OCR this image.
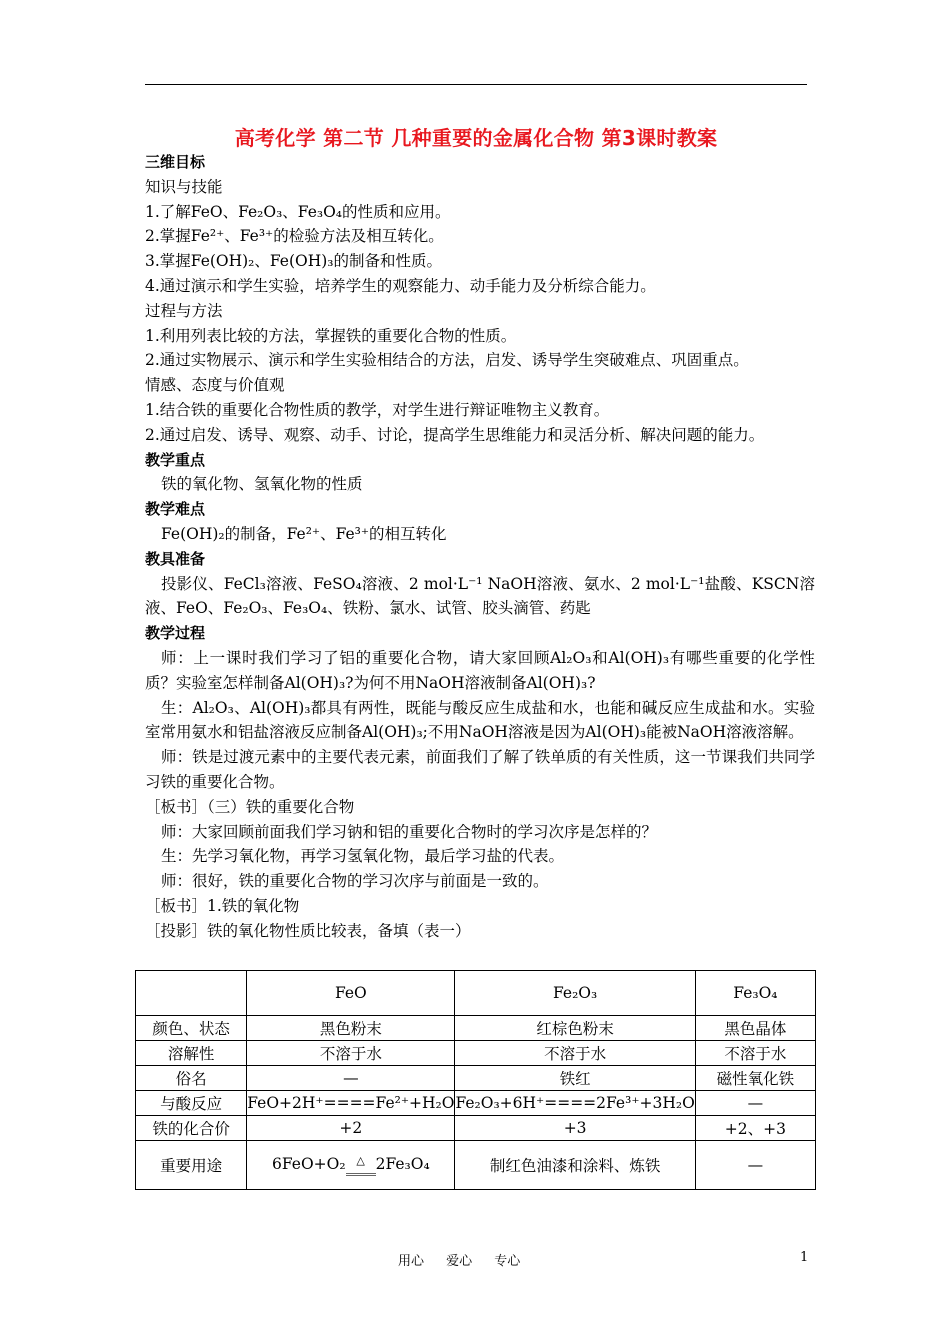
高考化学 第二节 几种重要的金属化合物 第3课时教案

三维目标

知识与技能

1.了解FeO、Fe₂O₃、Fe₃O₄的性质和应用。

2.掌握Fe²⁺、Fe³⁺的检验方法及相互转化。

3.掌握Fe(OH)₂、Fe(OH)₃的制备和性质。

4.通过演示和学生实验，培养学生的观察能力、动手能力及分析综合能力。

过程与方法

1.利用列表比较的方法，掌握铁的重要化合物的性质。

2.通过实物展示、演示和学生实验相结合的方法，启发、诱导学生突破难点、巩固重点。

情感、态度与价值观

1.结合铁的重要化合物性质的教学，对学生进行辩证唯物主义教育。

2.通过启发、诱导、观察、动手、讨论，提高学生思维能力和灵活分析、解决问题的能力。

教学重点

铁的氧化物、氢氧化物的性质

教学难点

Fe(OH)₂的制备，Fe²⁺、Fe³⁺的相互转化

教具准备

投影仪、FeCl₃溶液、FeSO₄溶液、2 mol·L⁻¹ NaOH溶液、氨水、2 mol·L⁻¹盐酸、KSCN溶液、FeO、Fe₂O₃、Fe₃O₄、铁粉、氯水、试管、胶头滴管、药匙

教学过程

师：上一课时我们学习了铝的重要化合物，请大家回顾Al₂O₃和Al(OH)₃有哪些重要的化学性质？实验室怎样制备Al(OH)₃?为何不用NaOH溶液制备Al(OH)₃?

生：Al₂O₃、Al(OH)₃都具有两性，既能与酸反应生成盐和水，也能和碱反应生成盐和水。实验室常用氨水和铝盐溶液反应制备Al(OH)₃;不用NaOH溶液是因为Al(OH)₃能被NaOH溶液溶解。

师：铁是过渡元素中的主要代表元素，前面我们了解了铁单质的有关性质，这一节课我们共同学习铁的重要化合物。

［板书］（三）铁的重要化合物

师：大家回顾前面我们学习钠和铝的重要化合物时的学习次序是怎样的？

生：先学习氧化物，再学习氢氧化物，最后学习盐的代表。

师：很好，铁的重要化合物的学习次序与前面是一致的。

［板书］1.铁的氧化物

［投影］铁的氧化物性质比较表，备填（表一）

	FeO	Fe₂O₃	Fe₃O₄
颜色、状态	黑色粉末	红棕色粉末	黑色晶体
溶解性	不溶于水	不溶于水	不溶于水
俗名	—	铁红	磁性氧化铁
与酸反应	FeO+2H⁺====Fe²⁺+H₂O	Fe₂O₃+6H⁺====2Fe³⁺+3H₂O	—
铁的化合价	+2	+3	+2、+3
重要用途	6FeO+O₂ △ 2Fe₃O₄	制红色油漆和涂料、炼铁	—
用心 爱心 专心	1
